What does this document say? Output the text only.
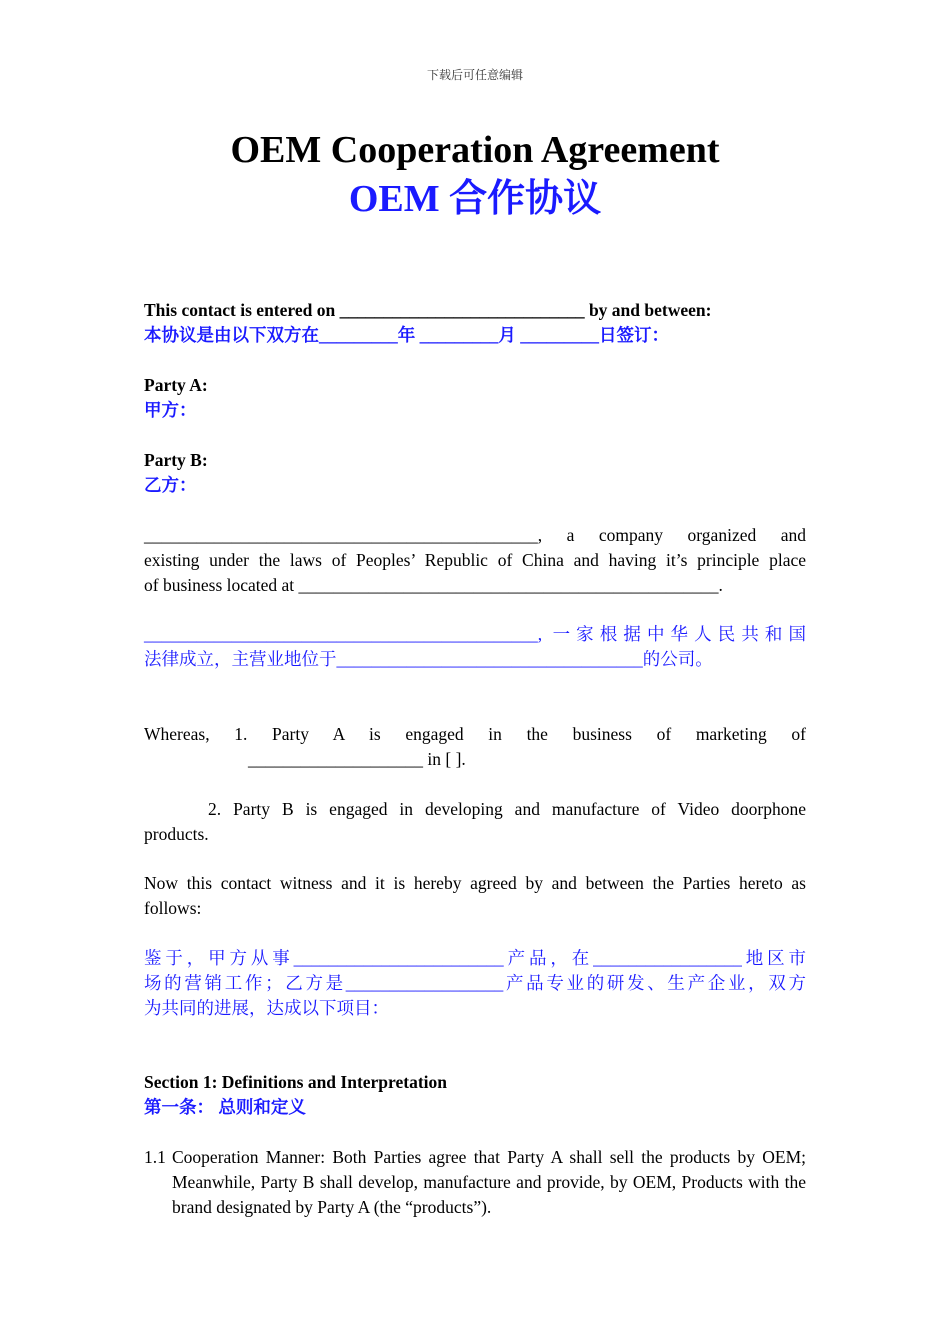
下载后可任意编辑
OEM Cooperation Agreement
OEM 合作协议
This contact is entered on ____________________________ by and between:
本协议是由以下双方在_________年 _________月 _________日签订：
Party A:
甲方：
Party B:
乙方：
_____________________________________________, a company organized and
existing under the laws of Peoples’ Republic of China and having it’s principle place
of business located at ________________________________________________.
_____________________________________________, 一家根据中华人民共和国
法律成立，主营业地位于___________________________________的公司。
Whereas, 1. Party A is engaged in the business of marketing of
____________________ in [ ].
2. Party B is engaged in developing and manufacture of Video doorphone
products.
Now this contact witness and it is hereby agreed by and between the Parties hereto as
follows:
鉴于，甲方从事________________________产品，在_________________地区市
场的营销工作；乙方是__________________产品专业的研发、生产企业，双方
为共同的进展，达成以下项目：
Section 1: Definitions and Interpretation
第一条： 总则和定义
1.1 Cooperation Manner: Both Parties agree that Party A shall sell the products by OEM; Meanwhile, Party B shall develop, manufacture and provide, by OEM, Products with the brand designated by Party A (the “products”).
